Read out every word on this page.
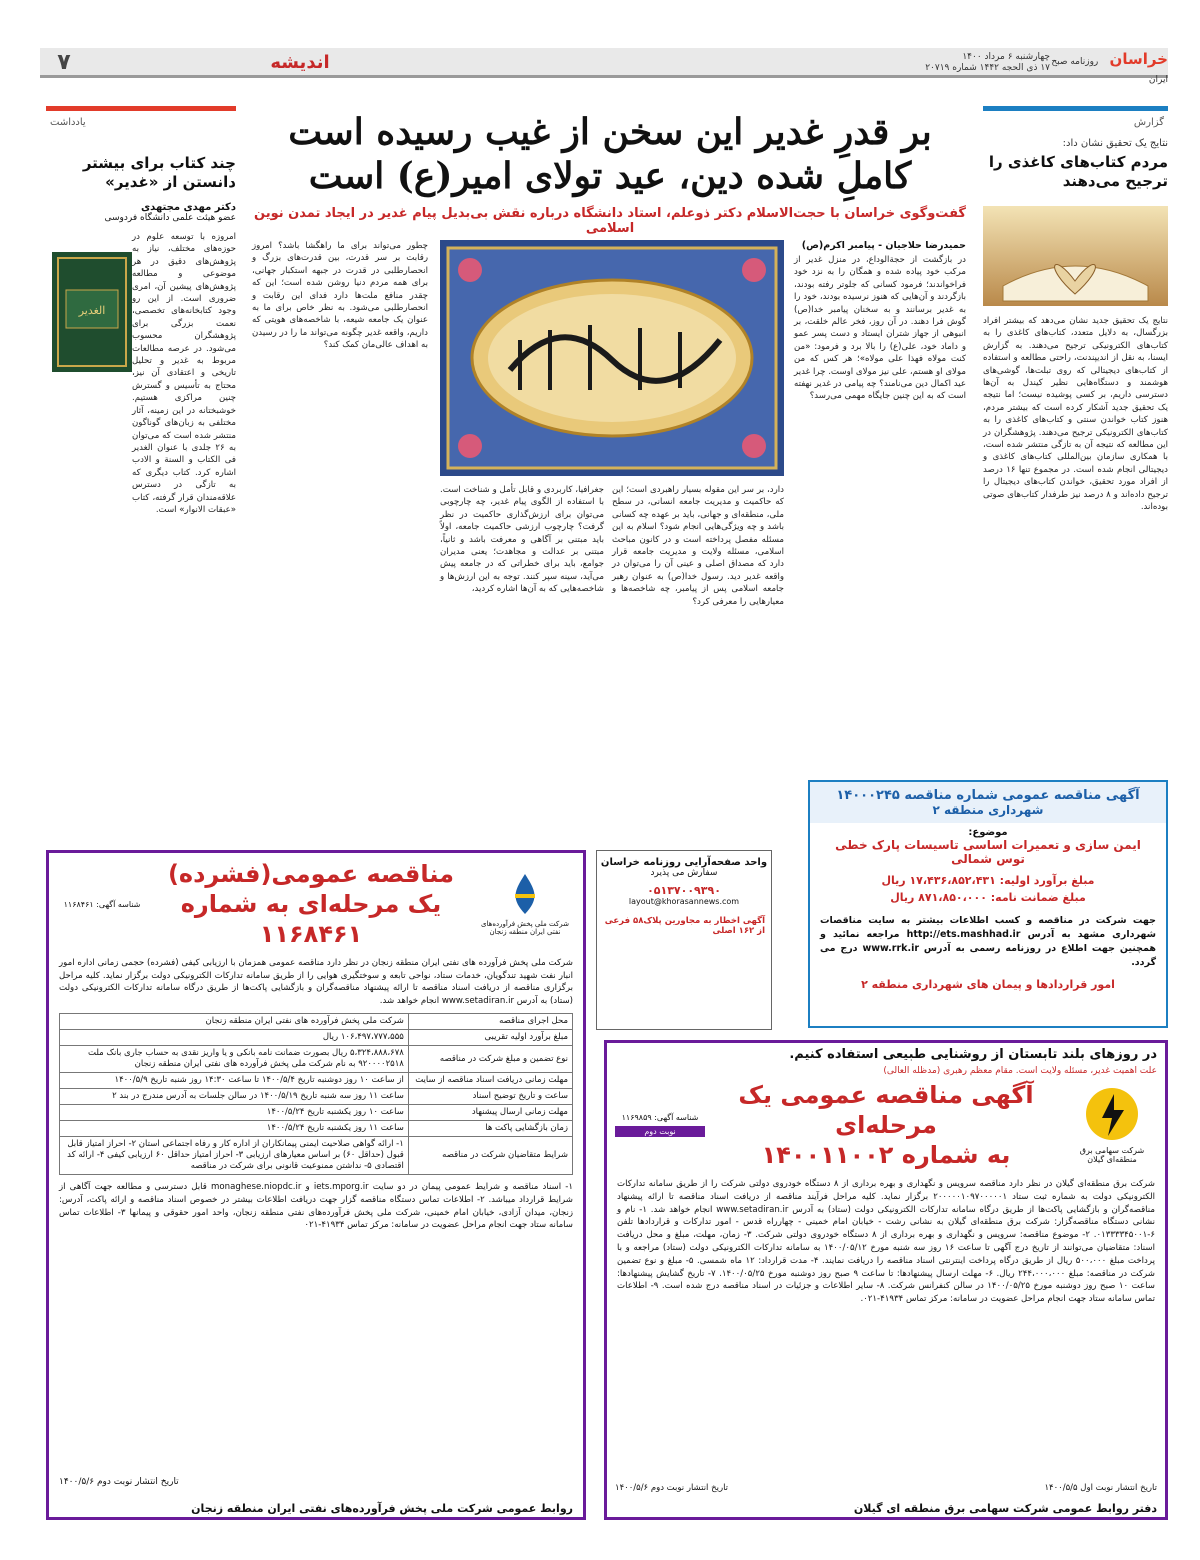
خراسان روزنامه صبح ایران
چهارشنبه ۶ مرداد ۱۴۰۰
۱۷ ذی الحجه ۱۴۴۲ شماره ۲۰۷۱۹
اندیشه
۷
گزارش
نتایج یک تحقیق نشان داد:
مردم کتاب‌های کاغذی را ترجیح می‌دهند
نتایج یک تحقیق جدید نشان می‌دهد که بیشتر افراد بزرگسال، به دلایل متعدد، کتاب‌های کاغذی را به کتاب‌های الکترونیکی ترجیح می‌دهند. به گزارش ایسنا، به نقل از اندیپندنت، راحتی مطالعه و استفاده از کتاب‌های دیجیتالی که روی تبلت‌ها، گوشی‌های هوشمند و دستگاه‌هایی نظیر کیندل به آن‌ها دسترسی داریم، بر کسی پوشیده نیست؛ اما نتیجه یک تحقیق جدید آشکار کرده است که بیشتر مردم، هنوز کتاب خواندن سنتی و کتاب‌های کاغذی را به کتاب‌های الکترونیکی ترجیح می‌دهند. پژوهشگران در این مطالعه که نتیجه آن به تازگی منتشر شده است، با همکاری سازمان بین‌المللی کتاب‌های کاغذی و دیجیتالی انجام شده است. در مجموع تنها ۱۶ درصد از افراد مورد تحقیق، خواندن کتاب‌های دیجیتال را ترجیح داده‌اند و ۸ درصد نیز طرفدار کتاب‌های صوتی بوده‌اند.
بر قدرِ غدیر این سخن از غیب رسیده است
کاملِ شده دین، عید تولای امیر(ع) است
گفت‌وگوی خراسان با حجت‌الاسلام دکتر ذوعلم، استاد دانشگاه درباره نقش بی‌بدیل پیام غدیر در ایجاد تمدن نوین اسلامی
حمیدرضا حلاجیان - پیامبر اکرم(ص)
در بازگشت از حجة‌الوداع، در منزل غدیر از مرکب خود پیاده شده و همگان را به نزد خود فراخواندند؛ فرمود کسانی که جلوتر رفته بودند، بازگردند و آن‌هایی که هنوز نرسیده بودند، خود را به غدیر برسانند و به سخنان پیامبر خدا(ص) گوش فرا دهند. در آن روز، فخر عالم خلقت، بر انبوهی از جهاز شتران ایستاد و دست پسر عمو و داماد خود، علی(ع) را بالا برد و فرمود: «من کنت مولاه فهذا علی مولاه»؛ هر کس که من مولای او هستم، علی نیز مولای اوست. چرا غدیر عید اکمال دین می‌نامند؟ چه پیامی در غدیر نهفته است که به این چنین جایگاه مهمی می‌رسد؟
دارد، بر سر این مقوله بسیار راهبردی است؛ این که حاکمیت و مدیریت جامعه انسانی، در سطح ملی، منطقه‌ای و جهانی، باید بر عهده چه کسانی باشد و چه ویژگی‌هایی انجام شود؟ اسلام به این مسئله مفصل پرداخته است و در کانون مباحث اسلامی، مسئله ولایت و مدیریت جامعه قرار دارد که مصداق اصلی و عینی آن را می‌توان در واقعه غدیر دید. رسول خدا(ص) به عنوان رهبر جامعه اسلامی پس از پیامبر، چه شاخصه‌ها و معیارهایی را معرفی کرد؟
جغرافیا، کاربردی و قابل تأمل و شناخت است. با استفاده از الگوی پیام غدیر، چه چارچوبی می‌توان برای ارزش‌گذاری حاکمیت در نظر گرفت؟ چارچوب ارزشی حاکمیت جامعه، اولاً باید مبتنی بر آگاهی و معرفت باشد و ثانیاً، مبتنی بر عدالت و مجاهدت؛ یعنی مدیران جوامع، باید برای خطراتی که در جامعه پیش می‌آید، سینه سپر کنند. توجه به این ارزش‌ها و شاخصه‌هایی که به آن‌ها اشاره کردید،
چطور می‌تواند برای ما راهگشا باشد؟ امروز رقابت بر سر قدرت، بین قدرت‌های بزرگ و انحصارطلبی در قدرت در جبهه استکبار جهانی، برای همه مردم دنیا روشن شده است؛ این که چقدر منافع ملت‌ها دارد فدای این رقابت و انحصارطلبی می‌شود. به نظر خاص برای ما به عنوان یک جامعه شیعه، با شاخصه‌های هویتی که داریم، واقعه غدیر چگونه می‌تواند ما را در رسیدن به اهداف عالی‌مان کمک کند؟
یادداشت
چند کتاب برای بیشتر دانستن از «غدیر»
دکتر مهدی مجتهدی
عضو هیئت علمی دانشگاه فردوسی
امروزه با توسعه علوم در حوزه‌های مختلف، نیاز به پژوهش‌های دقیق در هر موضوعی و مطالعه پژوهش‌های پیشین آن، امری ضروری است. از این رو وجود کتابخانه‌های تخصصی، نعمت بزرگی برای پژوهشگران محسوب می‌شود. در عرصه مطالعات مربوط به غدیر و تحلیل تاریخی و اعتقادی آن نیز، محتاج به تأسیس و گسترش چنین مراکزی هستیم. خوشبختانه در این زمینه، آثار مختلفی به زبان‌های گوناگون منتشر شده است که می‌توان به ۲۶ جلدی با عنوان الغدیر فی الکتاب و السنة و الادب اشاره کرد. کتاب دیگری که به تازگی در دسترس علاقه‌مندان قرار گرفته، کتاب «عبقات الانوار» است.
الغدیر
آگهی مناقصه عمومی شماره مناقصه ۱۴۰۰۰۲۴۵
شهرداری منطقه ۲
موضوع:
ایمن سازی و تعمیرات اساسی تاسیسات پارک خطی توس شمالی
مبلغ برآورد اولیه: ۱۷،۴۳۶،۸۵۲،۴۳۱ ریال
مبلغ ضمانت نامه: ۸۷۱،۸۵۰،۰۰۰ ریال
جهت شرکت در مناقصه و کسب اطلاعات بیشتر به سایت مناقصات شهرداری مشهد به آدرس http://ets.mashhad.ir مراجعه نمائید و همچنین جهت اطلاع در روزنامه رسمی به آدرس www.rrk.ir درج می گردد.
امور قراردادها و پیمان های شهرداری منطقه ۲
واحد صفحه‌آرایی روزنامه خراسان
سفارش می پذیرد
۰۵۱۳۷۰۰۹۳۹۰
layout@khorasannews.com
آگهی اخطار به مجاورین پلاک۵۸ فرعی از ۱۶۲ اصلی
در روزهای بلند تابستان از روشنایی طبیعی استفاده کنیم.
علت اهمیت غدیر، مسئله ولایت است. مقام معظم رهبری (مدظله العالی)
شرکت سهامی برق منطقه‌ای گیلان
آگهی مناقصه عمومی یک مرحله‌ای
به شماره ۱۴۰۰۱۱۰۰۲
شناسه آگهی: ۱۱۶۹۸۵۹
نوبت دوم
شرکت برق منطقه‌ای گیلان در نظر دارد مناقصه سرویس و نگهداری و بهره برداری از ۸ دستگاه خودروی دولتی شرکت را از طریق سامانه تدارکات الکترونیکی دولت به شماره ثبت ستاد ۲۰۰۰۰۰۱۰۹۷۰۰۰۰۰۱ برگزار نماید. کلیه مراحل فرآیند مناقصه از دریافت اسناد مناقصه تا ارائه پیشنهاد مناقصه‌گران و بازگشایی پاکت‌ها از طریق درگاه سامانه تدارکات الکترونیکی دولت (ستاد) به آدرس www.setadiran.ir انجام خواهد شد. ۱- نام و نشانی دستگاه مناقصه‌گزار: شرکت برق منطقه‌ای گیلان به نشانی رشت - خیابان امام خمینی - چهارراه قدس - امور تدارکات و قراردادها تلفن ۶-۰۱۳۳۳۳۴۵۰۰۱. ۲- موضوع مناقصه: سرویس و نگهداری و بهره برداری از ۸ دستگاه خودروی دولتی شرکت. ۳- زمان، مهلت، مبلغ و محل دریافت اسناد: متقاضیان می‌توانند از تاریخ درج آگهی تا ساعت ۱۶ روز سه شنبه مورخ ۱۴۰۰/۰۵/۱۲ به سامانه تدارکات الکترونیکی دولت (ستاد) مراجعه و با پرداخت مبلغ ۵۰۰،۰۰۰ ریال از طریق درگاه پرداخت اینترنتی اسناد مناقصه را دریافت نمایند. ۴- مدت قرارداد: ۱۲ ماه شمسی. ۵- مبلغ و نوع تضمین شرکت در مناقصه: مبلغ ۲۴۴،۰۰۰،۰۰۰ ریال. ۶- مهلت ارسال پیشنهادها: تا ساعت ۹ صبح روز دوشنبه مورخ ۱۴۰۰/۰۵/۲۵. ۷- تاریخ گشایش پیشنهادها: ساعت ۱۰ صبح روز دوشنبه مورخ ۱۴۰۰/۰۵/۲۵ در سالن کنفرانس شرکت. ۸- سایر اطلاعات و جزئیات در اسناد مناقصه درج شده است. ۹- اطلاعات تماس سامانه ستاد جهت انجام مراحل عضویت در سامانه: مرکز تماس ۴۱۹۳۴-۰۲۱.
تاریخ انتشار نوبت اول ۱۴۰۰/۵/۵
تاریخ انتشار نوبت دوم ۱۴۰۰/۵/۶
دفتر روابط عمومی شرکت سهامی برق منطقه ای گیلان
شرکت ملی پخش فرآورده‌های نفتی ایران منطقه زنجان
مناقصه عمومی(فشرده)
یک مرحله‌ای به شماره ۱۱۶۸۴۶۱
شناسه آگهی: ۱۱۶۸۴۶۱
شرکت ملی پخش فرآورده های نفتی ایران منطقه زنجان در نظر دارد مناقصه عمومی همزمان با ارزیابی کیفی (فشرده) حجمی زمانی اداره امور انبار نفت شهید تندگویان، خدمات ستاد، نواحی تابعه و سوختگیری هوایی را از طریق سامانه تدارکات الکترونیکی دولت برگزار نماید. کلیه مراحل برگزاری مناقصه از دریافت اسناد مناقصه تا ارائه پیشنهاد مناقصه‌گران و بازگشایی پاکت‌ها از طریق درگاه سامانه تدارکات الکترونیکی دولت (ستاد) به آدرس www.setadiran.ir انجام خواهد شد.
محل اجرای مناقصه	شرکت ملی پخش فرآورده های نفتی ایران منطقه زنجان
مبلغ برآورد اولیه تقریبی	۱۰۶،۴۹۷،۷۷۷،۵۵۵ ریال
نوع تضمین و مبلغ شرکت در مناقصه	۵،۳۲۴،۸۸۸،۶۷۸ ریال بصورت ضمانت نامه بانکی و یا واریز نقدی به حساب جاری بانک ملت ۹۲۰۰۰۰۲۵۱۸ به نام شرکت ملی پخش فرآورده های نفتی ایران منطقه زنجان
مهلت زمانی دریافت اسناد مناقصه از سایت	از ساعت ۱۰ روز دوشنبه تاریخ ۱۴۰۰/۵/۴ تا ساعت ۱۴:۳۰ روز شنبه تاریخ ۱۴۰۰/۵/۹
ساعت و تاریخ توضیح اسناد	ساعت ۱۱ روز سه شنبه تاریخ ۱۴۰۰/۵/۱۹ در سالن جلسات به آدرس مندرج در بند ۲
مهلت زمانی ارسال پیشنهاد	ساعت ۱۰ روز یکشنبه تاریخ ۱۴۰۰/۵/۲۴
زمان بازگشایی پاکت ها	ساعت ۱۱ روز یکشنبه تاریخ ۱۴۰۰/۵/۲۴
شرایط متقاضیان شرکت در مناقصه	۱- ارائه گواهی صلاحیت ایمنی پیمانکاران از اداره کار و رفاه اجتماعی استان ۲- احراز امتیاز قابل قبول (حداقل ۶۰) بر اساس معیارهای ارزیابی ۳- احراز امتیاز حداقل ۶۰ ارزیابی کیفی ۴- ارائه کد اقتصادی ۵- نداشتن ممنوعیت قانونی برای شرکت در مناقصه
۱- اسناد مناقصه و شرایط عمومی پیمان در دو سایت iets.mporg.ir و monaghese.niopdc.ir قابل دسترسی و مطالعه جهت آگاهی از شرایط قرارداد میباشد. ۲- اطلاعات تماس دستگاه مناقصه گزار جهت دریافت اطلاعات بیشتر در خصوص اسناد مناقصه و ارائه پاکت، آدرس: زنجان، میدان آزادی، خیابان امام خمینی، شرکت ملی پخش فرآورده‌های نفتی منطقه زنجان، واحد امور حقوقی و پیمانها ۳- اطلاعات تماس سامانه ستاد جهت انجام مراحل عضویت در سامانه: مرکز تماس ۴۱۹۳۴-۰۲۱
تاریخ انتشار نوبت دوم ۱۴۰۰/۵/۶
روابط عمومی شرکت ملی پخش فرآورده‌های نفتی ایران منطقه زنجان
